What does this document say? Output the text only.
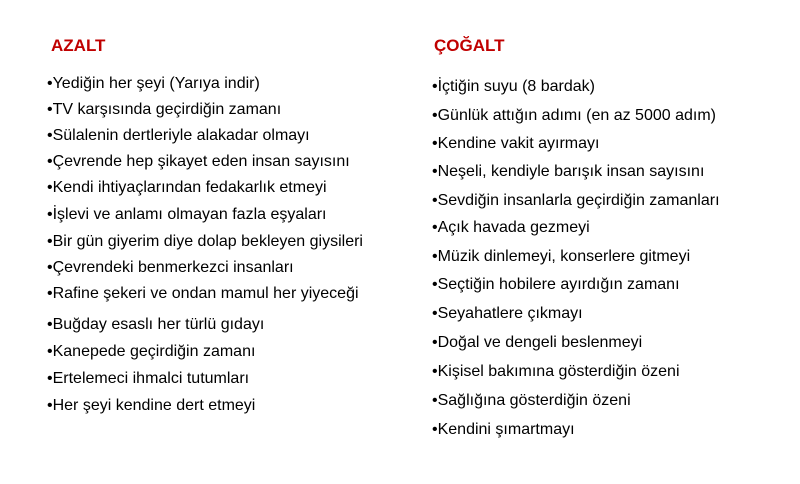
AZALT
•Yediğin her şeyi (Yarıya indir)
•TV karşısında geçirdiğin zamanı
•Sülalenin dertleriyle alakadar olmayı
•Çevrende hep şikayet eden insan sayısını
•Kendi ihtiyaçlarından fedakarlık etmeyi
•İşlevi ve anlamı olmayan fazla eşyaları
•Bir gün giyerim diye dolap bekleyen giysileri
•Çevrendeki benmerkezci insanları
•Rafine şekeri ve ondan mamul her yiyeceği
•Buğday esaslı her türlü gıdayı
•Kanepede geçirdiğin zamanı
•Ertelemeci ihmalci tutumları
•Her şeyi kendine dert etmeyi
ÇOĞALT
•İçtiğin suyu (8 bardak)
•Günlük attığın adımı (en az 5000 adım)
•Kendine vakit ayırmayı
•Neşeli, kendiyle barışık insan sayısını
•Sevdiğin insanlarla geçirdiğin zamanları
•Açık havada gezmeyi
•Müzik dinlemeyi, konserlere gitmeyi
•Seçtiğin hobilere ayırdığın zamanı
•Seyahatlere çıkmayı
•Doğal ve dengeli beslenmeyi
•Kişisel bakımına gösterdiğin özeni
•Sağlığına gösterdiğin özeni
•Kendini şımartmayı
